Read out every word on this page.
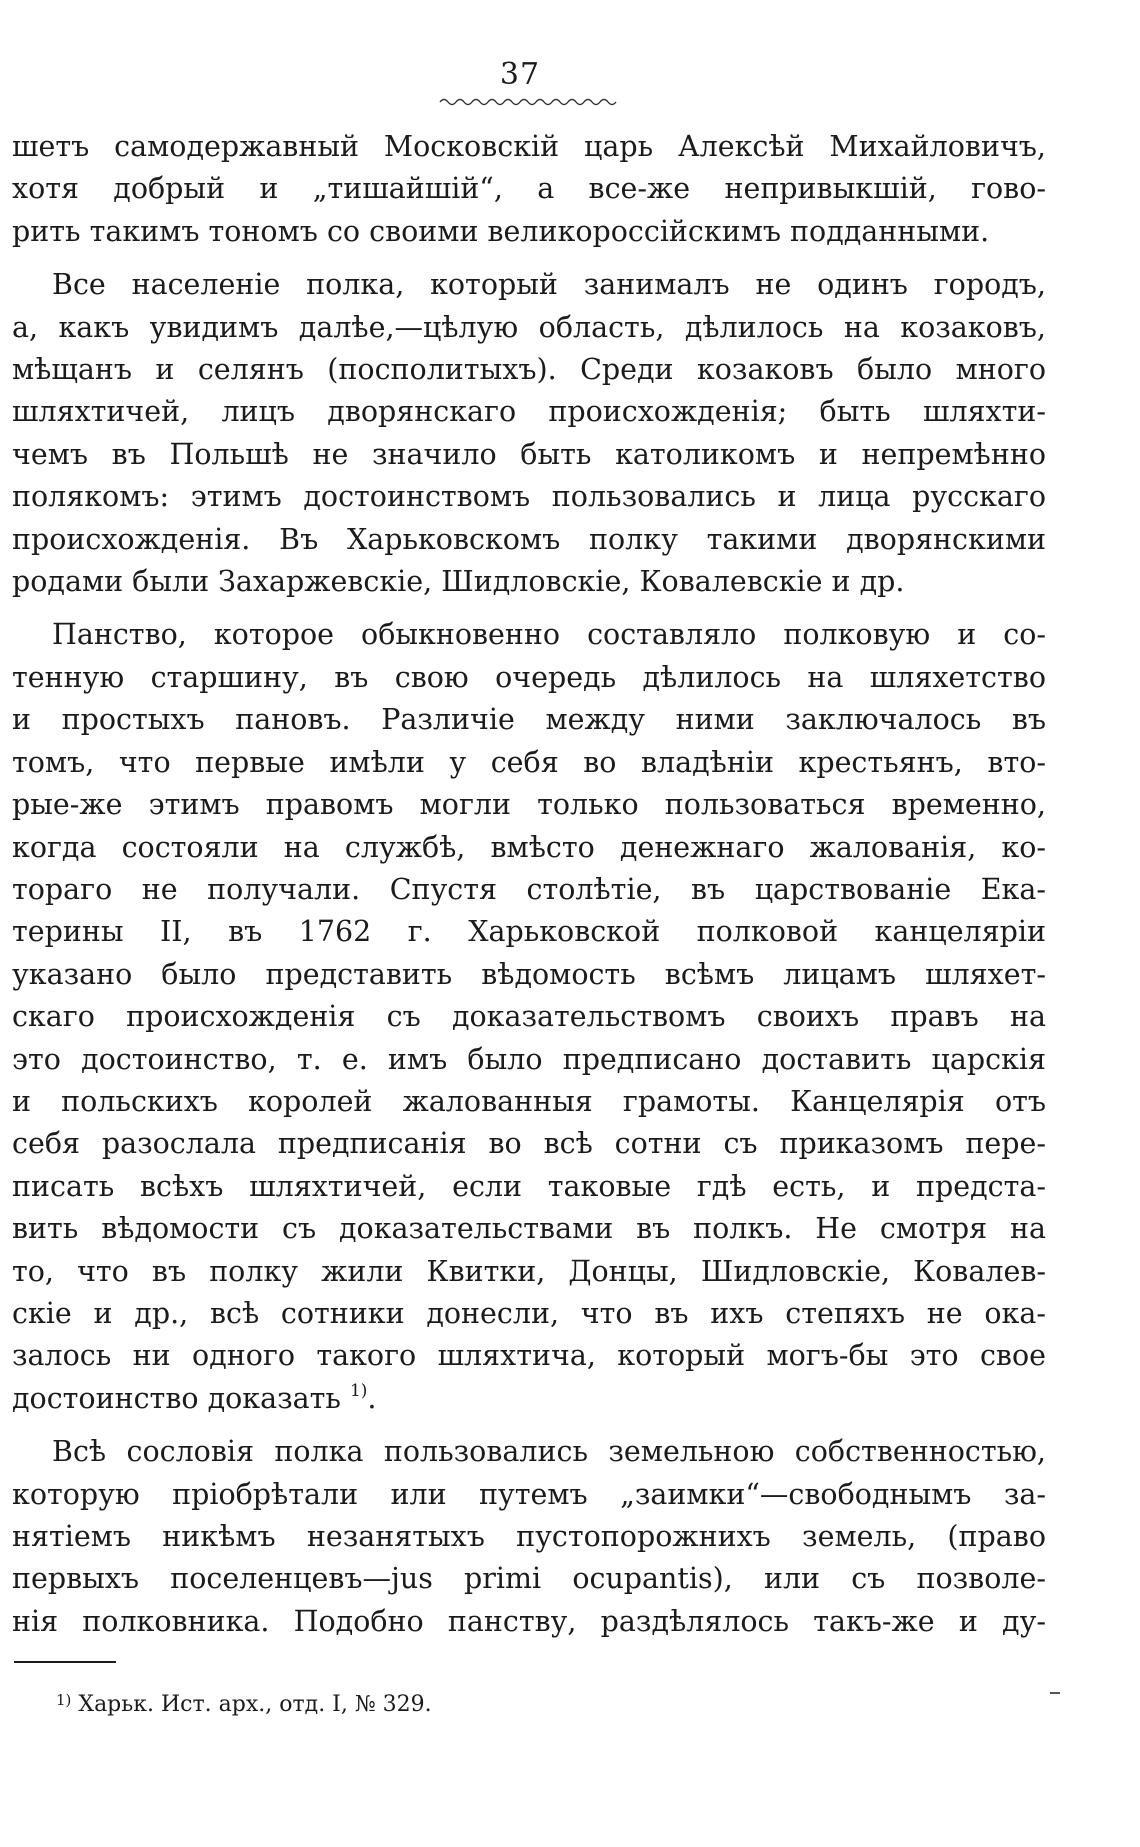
37

шетъ самодержавный Московскій царь Алексѣй Михайловичъ,
хотя добрый и „тишайшій“, а все-же непривыкшій, гово-
рить такимъ тономъ со своими великороссійскимъ подданными.

Все населеніе полка, который занималъ не одинъ городъ,
а, какъ увидимъ далѣе,—цѣлую область, дѣлилось на козаковъ,
мѣщанъ и селянъ (посполитыхъ). Среди козаковъ было много
шляхтичей, лицъ дворянскаго происхожденія; быть шляхти-
чемъ въ Польшѣ не значило быть католикомъ и непремѣнно
полякомъ: этимъ достоинствомъ пользовались и лица русскаго
происхожденія. Въ Харьковскомъ полку такими дворянскими
родами были Захаржевскіе, Шидловскіе, Ковалевскіе и др.

Панство, которое обыкновенно составляло полковую и со-
тенную старшину, въ свою очередь дѣлилось на шляхетство
и простыхъ пановъ. Различіе между ними заключалось въ
томъ, что первые имѣли у себя во владѣніи крестьянъ, вто-
рые-же этимъ правомъ могли только пользоваться временно,
когда состояли на службѣ, вмѣсто денежнаго жалованія, ко-
тораго не получали. Спустя столѣтіе, въ царствованіе Ека-
терины II, въ 1762 г. Харьковской полковой канцеляріи
указано было представить вѣдомость всѣмъ лицамъ шляхет-
скаго происхожденія съ доказательствомъ своихъ правъ на
это достоинство, т. е. имъ было предписано доставить царскія
и польскихъ королей жалованныя грамоты. Канцелярія отъ
себя разослала предписанія во всѣ сотни съ приказомъ пере-
писать всѣхъ шляхтичей, если таковые гдѣ есть, и предста-
вить вѣдомости съ доказательствами въ полкъ. Не смотря на
то, что въ полку жили Квитки, Донцы, Шидловскіе, Ковалев-
скіе и др., всѣ сотники донесли, что въ ихъ степяхъ не ока-
залось ни одного такого шляхтича, который могъ-бы это свое
достоинство доказать $^{1)}$.

Всѣ сословія полка пользовались земельною собственностью,
которую пріобрѣтали или путемъ „заимки“—свободнымъ за-
нятіемъ никѣмъ незанятыхъ пустопорожнихъ земель, (право
первыхъ поселенцевъ—jus primi ocupantis), или съ позволе-
нія полковника. Подобно панству, раздѣлялось такъ-же и ду-

$^{1)}$ Харьк. Ист. арх., отд. I, № 329.
